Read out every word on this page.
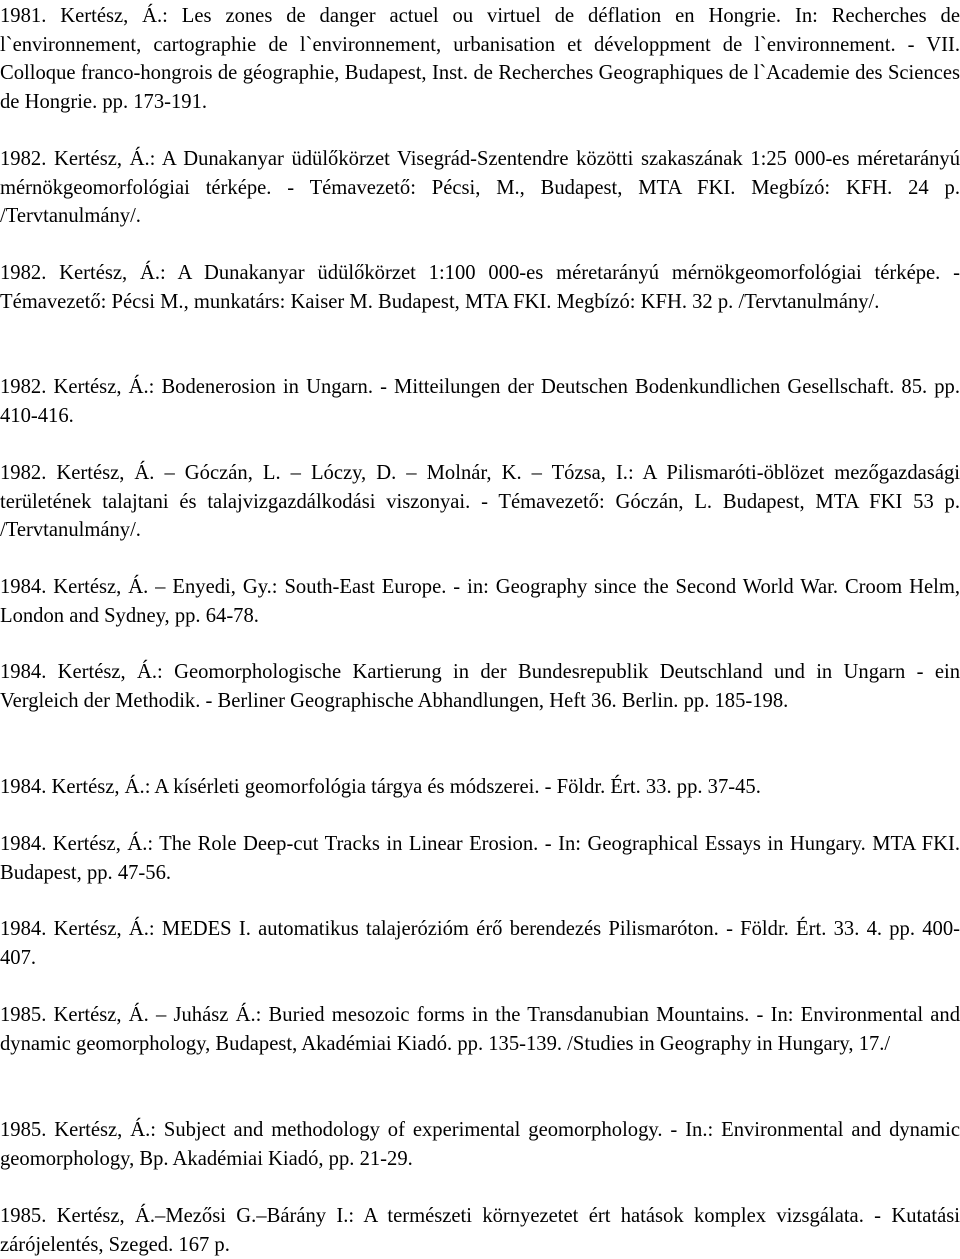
1981. Kertész, Á.: Les zones de danger actuel ou virtuel de déflation en Hongrie. In: Recherches de l`environnement, cartographie de l`environnement, urbanisation et développment de l`environnement. - VII. Colloque franco-hongrois de géographie, Budapest, Inst. de Recherches Geographiques de l`Academie des Sciences de Hongrie. pp. 173-191.
1982. Kertész, Á.: A Dunakanyar üdülőkörzet Visegrád-Szentendre közötti szakaszának 1:25 000-es méretarányú mérnökgeomorfológiai térképe. - Témavezető: Pécsi, M., Budapest, MTA FKI. Megbízó: KFH. 24 p. /Tervtanulmány/.
1982. Kertész, Á.: A Dunakanyar üdülőkörzet 1:100 000-es méretarányú mérnökgeomorfológiai térképe. - Témavezető: Pécsi M., munkatárs: Kaiser M. Budapest, MTA FKI. Megbízó: KFH. 32 p. /Tervtanulmány/.
1982. Kertész, Á.: Bodenerosion in Ungarn. - Mitteilungen der Deutschen Bodenkundlichen Gesellschaft. 85. pp. 410-416.
1982. Kertész, Á. – Góczán, L. – Lóczy, D. – Molnár, K. – Tózsa, I.: A Pilismaróti-öblözet mezőgazdasági területének talajtani és talajvizgazdálkodási viszonyai. - Témavezető: Góczán, L. Budapest, MTA FKI 53 p. /Tervtanulmány/.
1984. Kertész, Á. – Enyedi, Gy.: South-East Europe. - in: Geography since the Second World War. Croom Helm, London and Sydney, pp. 64-78.
1984. Kertész, Á.: Geomorphologische Kartierung in der Bundesrepublik Deutschland und in Ungarn - ein Vergleich der Methodik. - Berliner Geographische Abhandlungen, Heft 36. Berlin. pp. 185-198.
1984. Kertész, Á.: A kísérleti geomorfológia tárgya és módszerei. - Földr. Ért. 33. pp. 37-45.
1984. Kertész, Á.: The Role Deep-cut Tracks in Linear Erosion. - In: Geographical Essays in Hungary. MTA FKI. Budapest, pp. 47-56.
1984. Kertész, Á.: MEDES I. automatikus talajerózióm érő berendezés Pilismaróton. - Földr. Ért. 33. 4. pp. 400-407.
1985. Kertész, Á. – Juhász Á.: Buried mesozoic forms in the Transdanubian Mountains. - In: Environmental and dynamic geomorphology, Budapest, Akadémiai Kiadó. pp. 135-139. /Studies in Geography in Hungary, 17./
1985. Kertész, Á.: Subject and methodology of experimental geomorphology. - In.: Environmental and dynamic geomorphology, Bp. Akadémiai Kiadó, pp. 21-29.
1985. Kertész, Á.–Mezősi G.–Bárány I.: A természeti környezetet ért hatások komplex vizsgálata. - Kutatási zárójelentés, Szeged. 167 p.
